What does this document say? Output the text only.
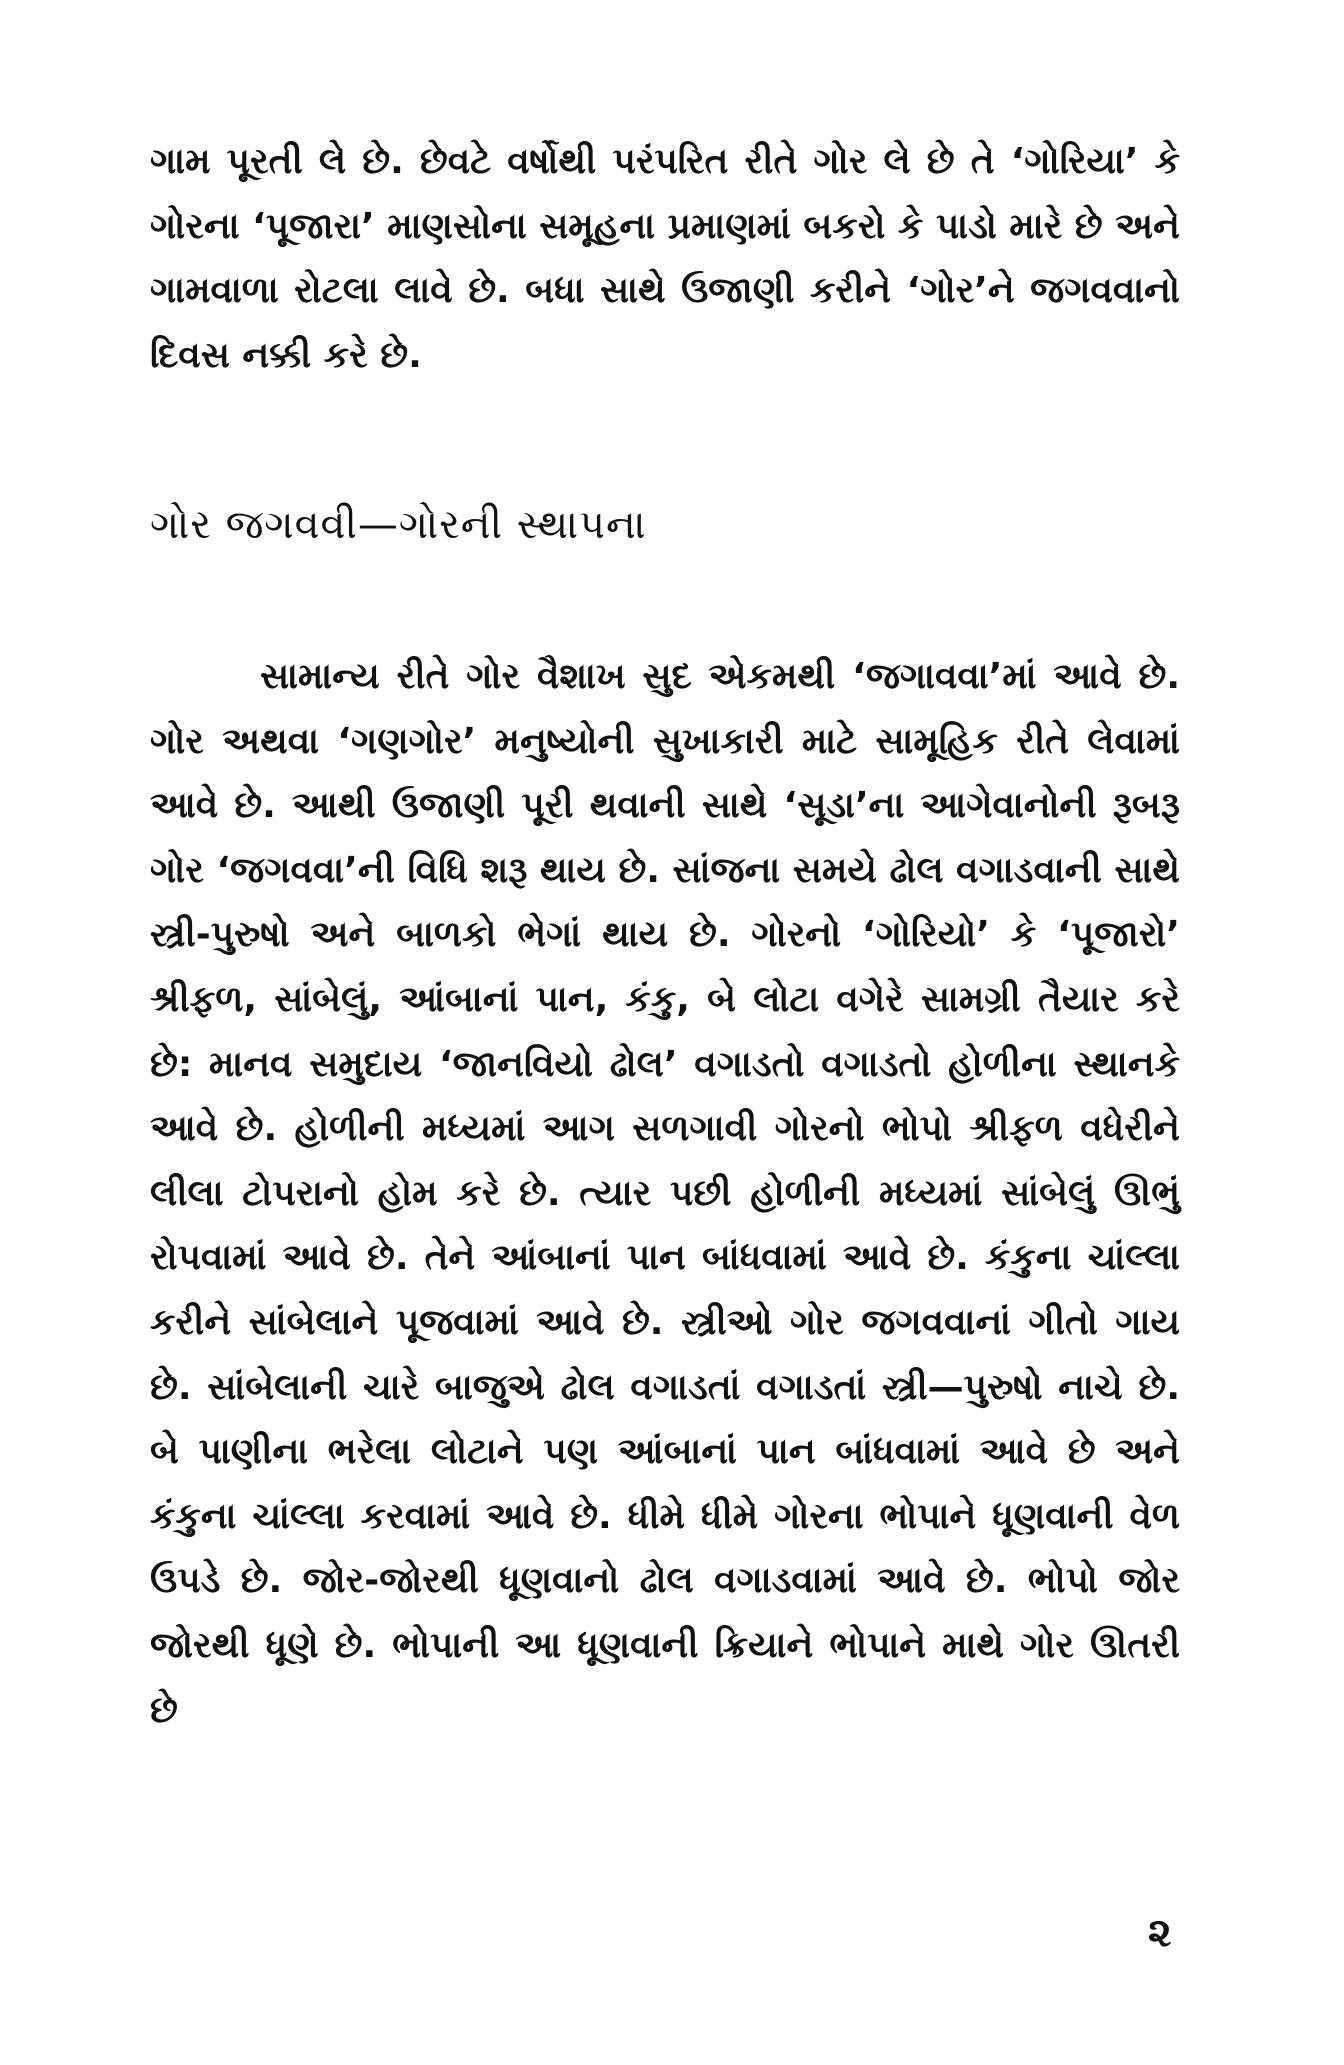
ગામ પૂરતી લે છે. છેવટે વર્ષોથી પરંપરિત રીતે ગોર લે છે તે ‘ગોરિયા’ કે ગોરના ‘પૂજારા’ માણસોના સમૂહના પ્રમાણમાં બકરો કે પાડો મારે છે અને ગામવાળા રોટલા લાવે છે. બધા સાથે ઉજાણી કરીને ‘ગોર’ને જગવવાનો દિવસ નક્કી કરે છે.

ગોર જગવવી—ગોરની સ્થાપના

સામાન્ય રીતે ગોર વૈશાખ સુદ એકમથી ‘જગાવવા’માં આવે છે. ગોર અથવા ‘ગણગોર’ મનુષ્યોની સુખાકારી માટે સામૂહિક રીતે લેવામાં આવે છે. આથી ઉજાણી પૂરી થવાની સાથે ‘સૂડા’ના આગેવાનોની રૂબરૂ ગોર ‘જગવવા’ની વિધિ શરૂ થાય છે. સાંજના સમયે ઢોલ વગાડવાની સાથે સ્ત્રી-પુરુષો અને બાળકો ભેગાં થાય છે. ગોરનો ‘ગોરિયો’ કે ‘પૂજારો’ શ્રીફળ, સાંબેલું, આંબાનાં પાન, કંકુ, બે લોટા વગેરે સામગ્રી તૈયાર કરે છે: માનવ સમુદાય ‘જાનવિયો ઢોલ’ વગાડતો વગાડતો હોળીના સ્થાનકે આવે છે. હોળીની મધ્યમાં આગ સળગાવી ગોરનો ભોપો શ્રીફળ વધેરીને લીલા ટોપરાનો હોમ કરે છે. ત્યાર પછી હોળીની મધ્યમાં સાંબેલું ઊભું રોપવામાં આવે છે. તેને આંબાનાં પાન બાંધવામાં આવે છે. કંકુના ચાંલ્લા કરીને સાંબેલાને પૂજવામાં આવે છે. સ્ત્રીઓ ગોર જગવવાનાં ગીતો ગાય છે. સાંબેલાની ચારે બાજુએ ઢોલ વગાડતાં વગાડતાં સ્ત્રી—પુરુષો નાચે છે. બે પાણીના ભરેલા લોટાને પણ આંબાનાં પાન બાંધવામાં આવે છે અને કંકુના ચાંલ્લા કરવામાં આવે છે. ધીમે ધીમે ગોરના ભોપાને ધૂણવાની વેળ ઉપડે છે. જોર-જોરથી ધૂણવાનો ઢોલ વગાડવામાં આવે છે. ભોપો જોર જોરથી ધૂણે છે. ભોપાની આ ધૂણવાની ક્રિયાને ભોપાને માથે ગોર ઊતરી છે

૨
